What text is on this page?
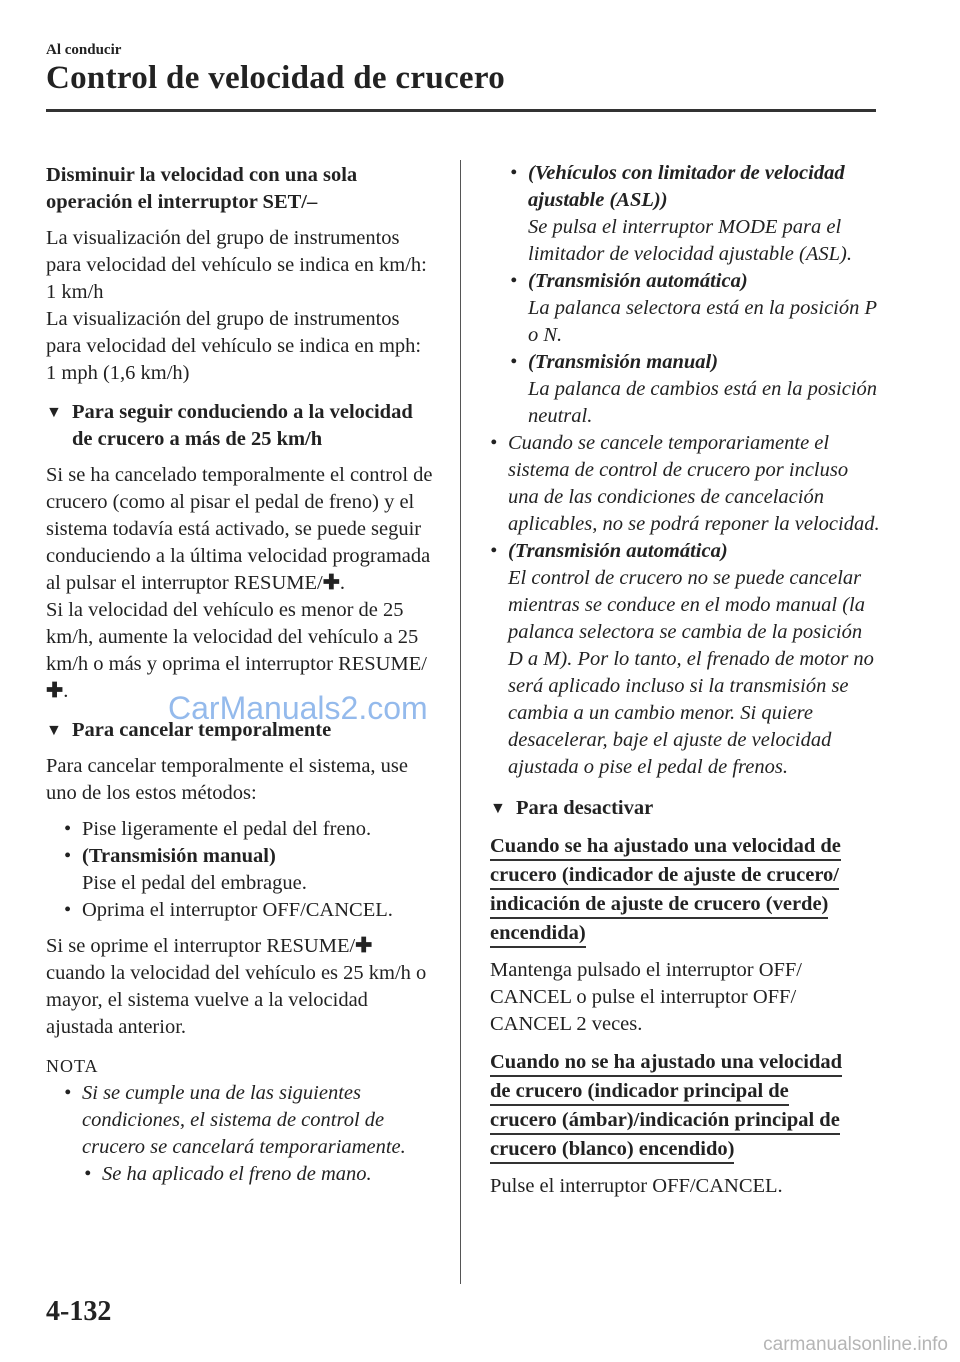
Al conducir
Control de velocidad de crucero

Disminuir la velocidad con una sola operación el interruptor SET/–

La visualización del grupo de instrumentos para velocidad del vehículo se indica en km/h: 1 km/h

La visualización del grupo de instrumentos para velocidad del vehículo se indica en mph: 1 mph (1,6 km/h)

▼ Para seguir conduciendo a la velocidad de crucero a más de 25 km/h

Si se ha cancelado temporalmente el control de crucero (como al pisar el pedal de freno) y el sistema todavía está activado, se puede seguir conduciendo a la última velocidad programada al pulsar el interruptor RESUME/✚.

Si la velocidad del vehículo es menor de 25 km/h, aumente la velocidad del vehículo a 25 km/h o más y oprima el interruptor RESUME/✚.

▼ Para cancelar temporalmente

Para cancelar temporalmente el sistema, use uno de los estos métodos:

• Pise ligeramente el pedal del freno.
• (Transmisión manual)
Pise el pedal del embrague.
• Oprima el interruptor OFF/CANCEL.

Si se oprime el interruptor RESUME/✚
cuando la velocidad del vehículo es 25 km/h o mayor, el sistema vuelve a la velocidad ajustada anterior.

NOTA

• Si se cumple una de las siguientes condiciones, el sistema de control de crucero se cancelará temporariamente.
• Se ha aplicado el freno de mano.
• (Vehículos con limitador de velocidad ajustable (ASL))
Se pulsa el interruptor MODE para el limitador de velocidad ajustable (ASL).
• (Transmisión automática)
La palanca selectora está en la posición P o N.
• (Transmisión manual)
La palanca de cambios está en la posición neutral.
• Cuando se cancele temporariamente el sistema de control de crucero por incluso una de las condiciones de cancelación aplicables, no se podrá reponer la velocidad.
• (Transmisión automática)
El control de crucero no se puede cancelar mientras se conduce en el modo manual (la palanca selectora se cambia de la posición D a M). Por lo tanto, el frenado de motor no será aplicado incluso si la transmisión se cambia a un cambio menor. Si quiere desacelerar, baje el ajuste de velocidad ajustada o pise el pedal de frenos.
▼ Para desactivar
Cuando se ha ajustado una velocidad de
crucero (indicador de ajuste de crucero/
indicación de ajuste de crucero (verde)
encendida)

Mantenga pulsado el interruptor OFF/ CANCEL o pulse el interruptor OFF/ CANCEL 2 veces.

Cuando no se ha ajustado una velocidad
de crucero (indicador principal de
crucero (ámbar)/indicación principal de
crucero (blanco) encendido)

Pulse el interruptor OFF/CANCEL.

CarManuals2.com
4-132
carmanualsonline.info
